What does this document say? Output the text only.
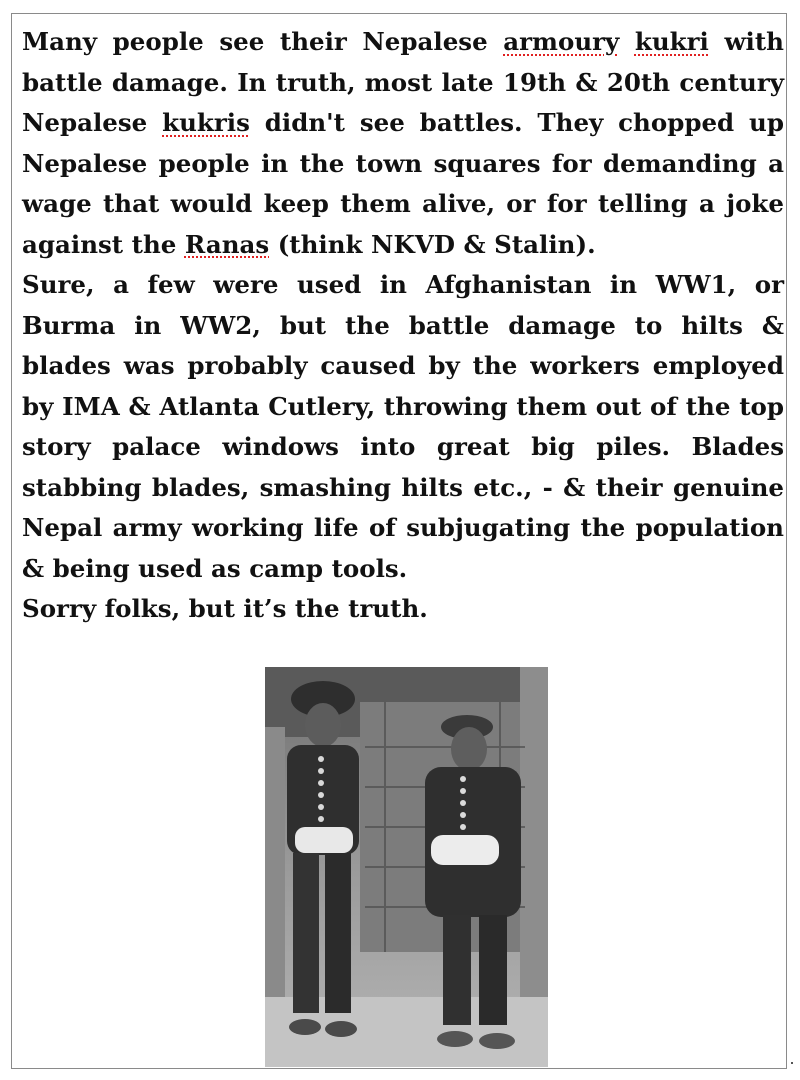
Many people see their Nepalese armoury kukri with battle damage. In truth, most late 19th & 20th century Nepalese kukris didn't see battles. They chopped up Nepalese people in the town squares for demanding a wage that would keep them alive, or for telling a joke against the Ranas (think NKVD & Stalin).

Sure, a few were used in Afghanistan in WW1, or Burma in WW2, but the battle damage to hilts & blades was probably caused by the workers employed by IMA & Atlanta Cutlery, throwing them out of the top story palace windows into great big piles. Blades stabbing blades, smashing hilts etc., - & their genuine Nepal army working life of subjugating the population & being used as camp tools.

Sorry folks, but it’s the truth.
